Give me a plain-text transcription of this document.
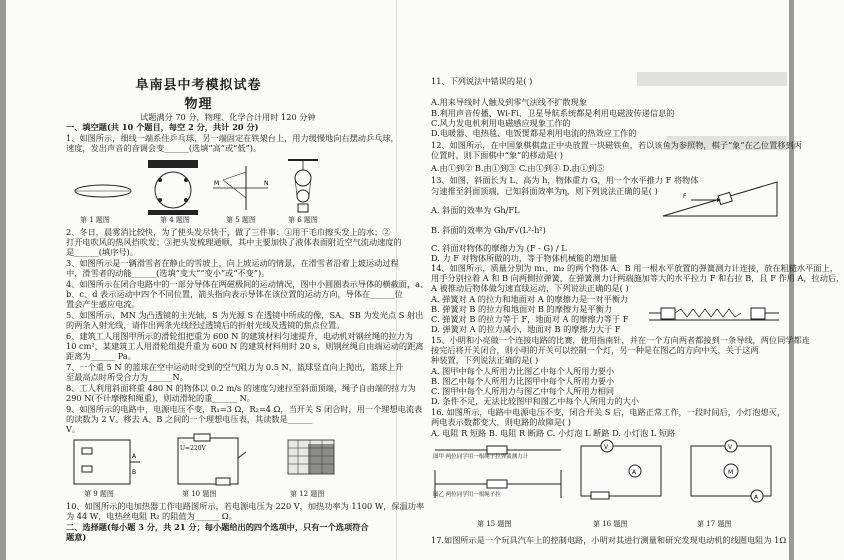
阜南县中考模拟试卷
物理
试题满分 70 分，物理、化学合计用时 120 分钟
一、填空题(共 10 个题目，每空 2 分，共计 20 分)
1、如图所示，细线一端系住乒乓球，另一端固定在铁架台上，用力缓慢地向右摆动乒乓球，
速度，发出声音的音调会变______(选填“高”或“低”)。
M	N
第 1 题图	第 4 题图	第 5 题图	第 6 题图
2、冬日，晨雾消比较快，为了使头发尽快干，做了三件事：①用干毛巾擦头发上的水；②
打开电吹风的热风挡吹发；③把头发梳理通顺，其中主要加快了液体表面附近空气流动速度的
是______(填序号)。
3、如图所示是一辆滑雪者在静止的雪坡上，向上坡运动的情景，在滑雪者沿着上坡运动过程
中，滑雪者的动能______(选填“变大”“变小”或“不变”)。
4、如图所示在闭合电路中的一部分导体在两磁极间的运动情况，图中小圆圈表示导体的横截面，a、
b、c、d 表示运动中四个不同位置，箭头指向表示导体在该位置的运动方向，导体在______位
置会产生感应电流。
5、如图所示，MN 为凸透镜的主光轴，S 为光源 S 在透镜中所成的像，SA、SB 为发光点 S 射出
的两条入射光线，请作出两条光线经过透镜后的折射光线及透镜的焦点位置。
6、建筑工人用图甲所示的滑轮组把重为 600 N 的建筑材料匀速提升，电动机对钢丝绳的拉力为
10 cm²，某建筑工人用滑轮组提升重为 600 N 的建筑材料用时 20 s，则钢丝绳自由端运动的距离
距离为______ Pa。
7、一个重 5 N 的篮球在空中运动时受到的空气阻力为 0.5 N，篮球竖直向上抛出，篮球上升
至最高点时所受合力为______N。
8、工人利用斜面将重 480 N 的物体以 0.2 m/s 的速度匀速拉至斜面顶端，绳子自由端的拉力为
290 N(不计摩擦和绳重)，则动滑轮的重______ N。
9、如图所示的电路中，电源电压不变，R₁=3 Ω，R₂=4 Ω，当开关 S 闭合时，用一个理想电流表
的读数为 2 V。移去 A、B 之间的一个理想电压表，其读数是______
V。
A
B
U=220V
第 9 题图	第 10 题图	第 12 题图
10、如图所示的电加热器工作电路图所示，若电源电压为 220 V，加热功率为 1100 W，保温功率
为 44 W，电热丝电阻 R₂ 的阻值为______ Ω。
二、选择题(每小题 3 分，共 21 分；每小题给出的四个选项中，只有一个选项符合
题意)
11、下列说法中错误的是( )
A.用来导线时人触及到零气法线不扩散现象
B.利用声音传播、Wi-Fi、卫星导航系统都是利用电磁波传递信息的
C.风力发电机利用电磁感应现象工作的
D.电暖器、电热毯、电饭煲都是利用电流的热效应工作的
12、如图所示，在中国象棋棋盘正中央放置一块磁铁鱼，若以该鱼为参照物，棋子“象”在乙位置移到丙
位置时，则下面棋中“象”的移动是( )
A.由①到② B.由①到③ C.由①到④ D.由①到⑤
13、如图，斜面长为 L、高为 h，物体重力 G，用一个水平推力 F 将物体
匀速推至斜面顶端，已知斜面效率为η，则下列说法正确的是( )
F
A. 斜面的效率为 Gh/FL
B. 斜面的效率为 Gh/F√(L²-h²)
C. 斜面对物体的摩擦力为 (F - G) / L
D. 力 F 对物体所做的功，等于物体机械能的增加量
14、如图所示，质量分别为 m₁、m₂ 的两个物体 A、B 用一根水平放置的弹簧测力计连接，放在粗糙水平面上，
用手分别拉着 A 和 B 向两侧拉弹簧，在弹簧测力计两端施加等大的水平拉力 F 和右拉 B，且 F 作用 A，拉动后，
A 被推动后物体做匀速直线运动，下列说法正确的是( )
A. 弹簧对 A 的拉力和地面对 A 的摩擦力是一对平衡力
B. 弹簧对 B 的拉力和地面对 B 的摩擦力是平衡力
C. 弹簧对 B 的拉力等于 F，地面对 A 的摩擦力等于 F
D. 弹簧对 A 的拉力减小，地面对 B 的摩擦力大于 F
15、小明和小亮做一个连接电路的比赛，使用指南针，并在一个方向两者都接到一条导线，两位同学都连
接完后将开关闭合，则小明的开关可以控制一个灯，另一种是在图乙的方向中关，关于这两
种装置，下列说法正确的是( )
A. 图甲中每个人所用力比图乙中每个人所用力要小
B. 图乙中每个人所用力比图甲中每个人所用力要小
C. 图甲中每个人所用力与图乙中每个人所用力相同
D. 条件不足，无法比较图甲和图乙中每个人所用力的大小
16. 如图所示，电路中电源电压不变，闭合开关 S 后，电路正常工作，一段时间后，小灯泡熄灭，
两电表示数都变大，则电路的故障是( )
A. 电阻 R 短路 B. 电阻 R 断路 C. 小灯泡 L 断路 D. 小灯泡 L 短路
V
A
V
M
A
图甲 两位同学用一根绳子拉弹簧测力计
图乙 两位同学用一根绳子拉
第 15 题图	第 16 题图	第 17 题图
17.如图所示是一个玩具汽车上的控制电路，小明对其进行测量和研究发现电动机的线圈电阻为 1Ω
